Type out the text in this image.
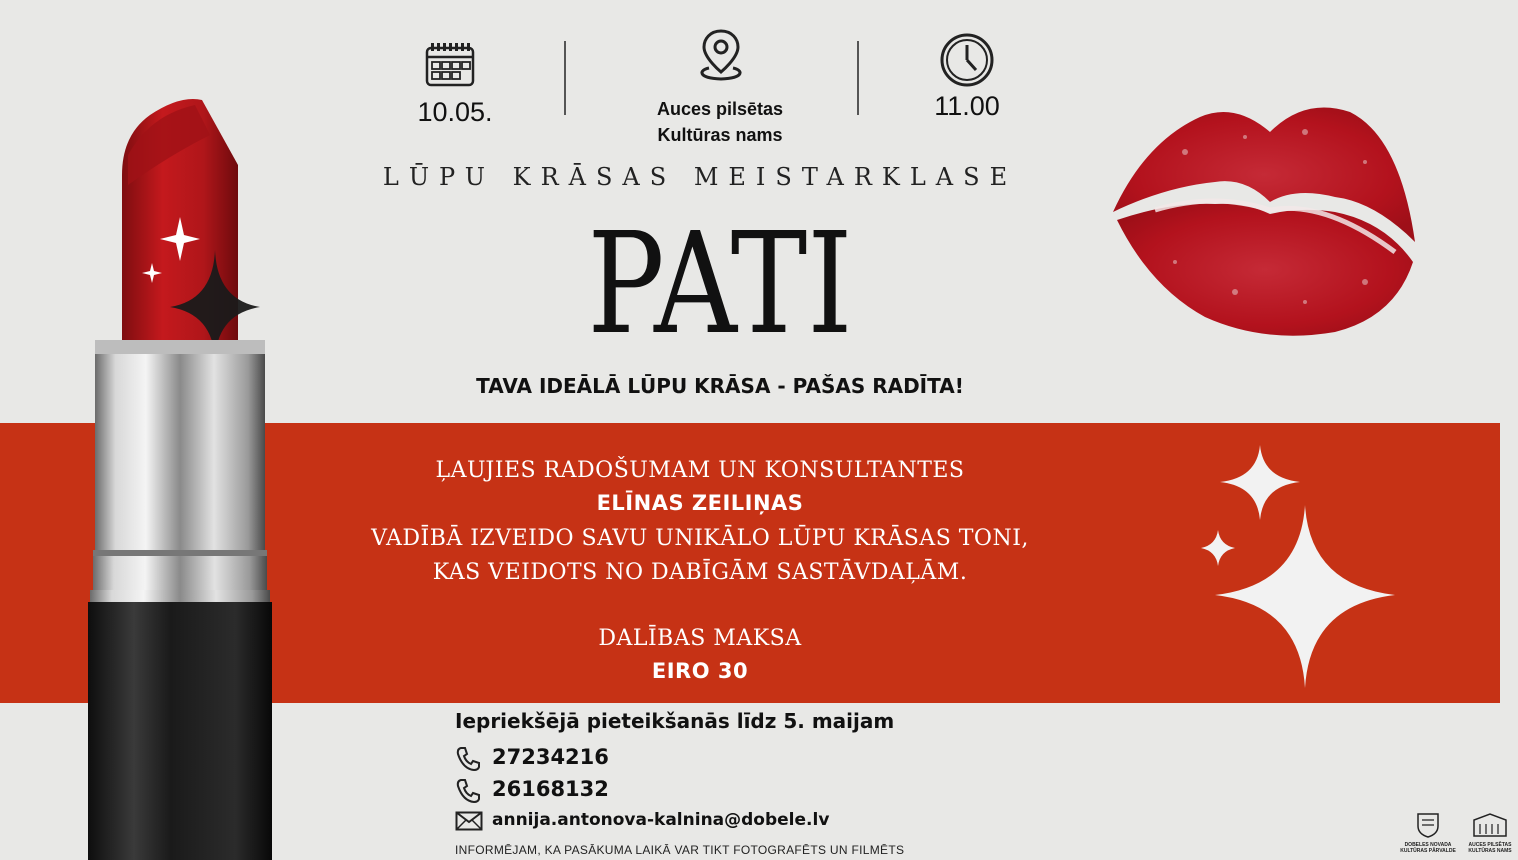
10.05.	Auces pilsētas
Kultūras nams
11.00
LŪPU KRĀSAS MEISTARKLASE
PATI
TAVA IDEĀLĀ LŪPU KRĀSA - PAŠAS RADĪTA!
ĻAUJIES RADOŠUMAM UN KONSULTANTES
ELĪNAS ZEILIŅAS
VADĪBĀ IZVEIDO SAVU UNIKĀLO LŪPU KRĀSAS TONI,
KAS VEIDOTS NO DABĪGĀM SASTĀVDAĻĀM.
DALĪBAS MAKSA
EIRO 30
Iepriekšējā pieteikšanās līdz 5. maijam
27234216
26168132
annija.antonova-kalnina@dobele.lv
INFORMĒJAM, KA PASĀKUMA LAIKĀ VAR TIKT FOTOGRAFĒTS UN FILMĒTS	DOBELES NOVADA
KULTŪRAS PĀRVALDE
AUCES PILSĒTAS
KULTŪRAS NAMS
